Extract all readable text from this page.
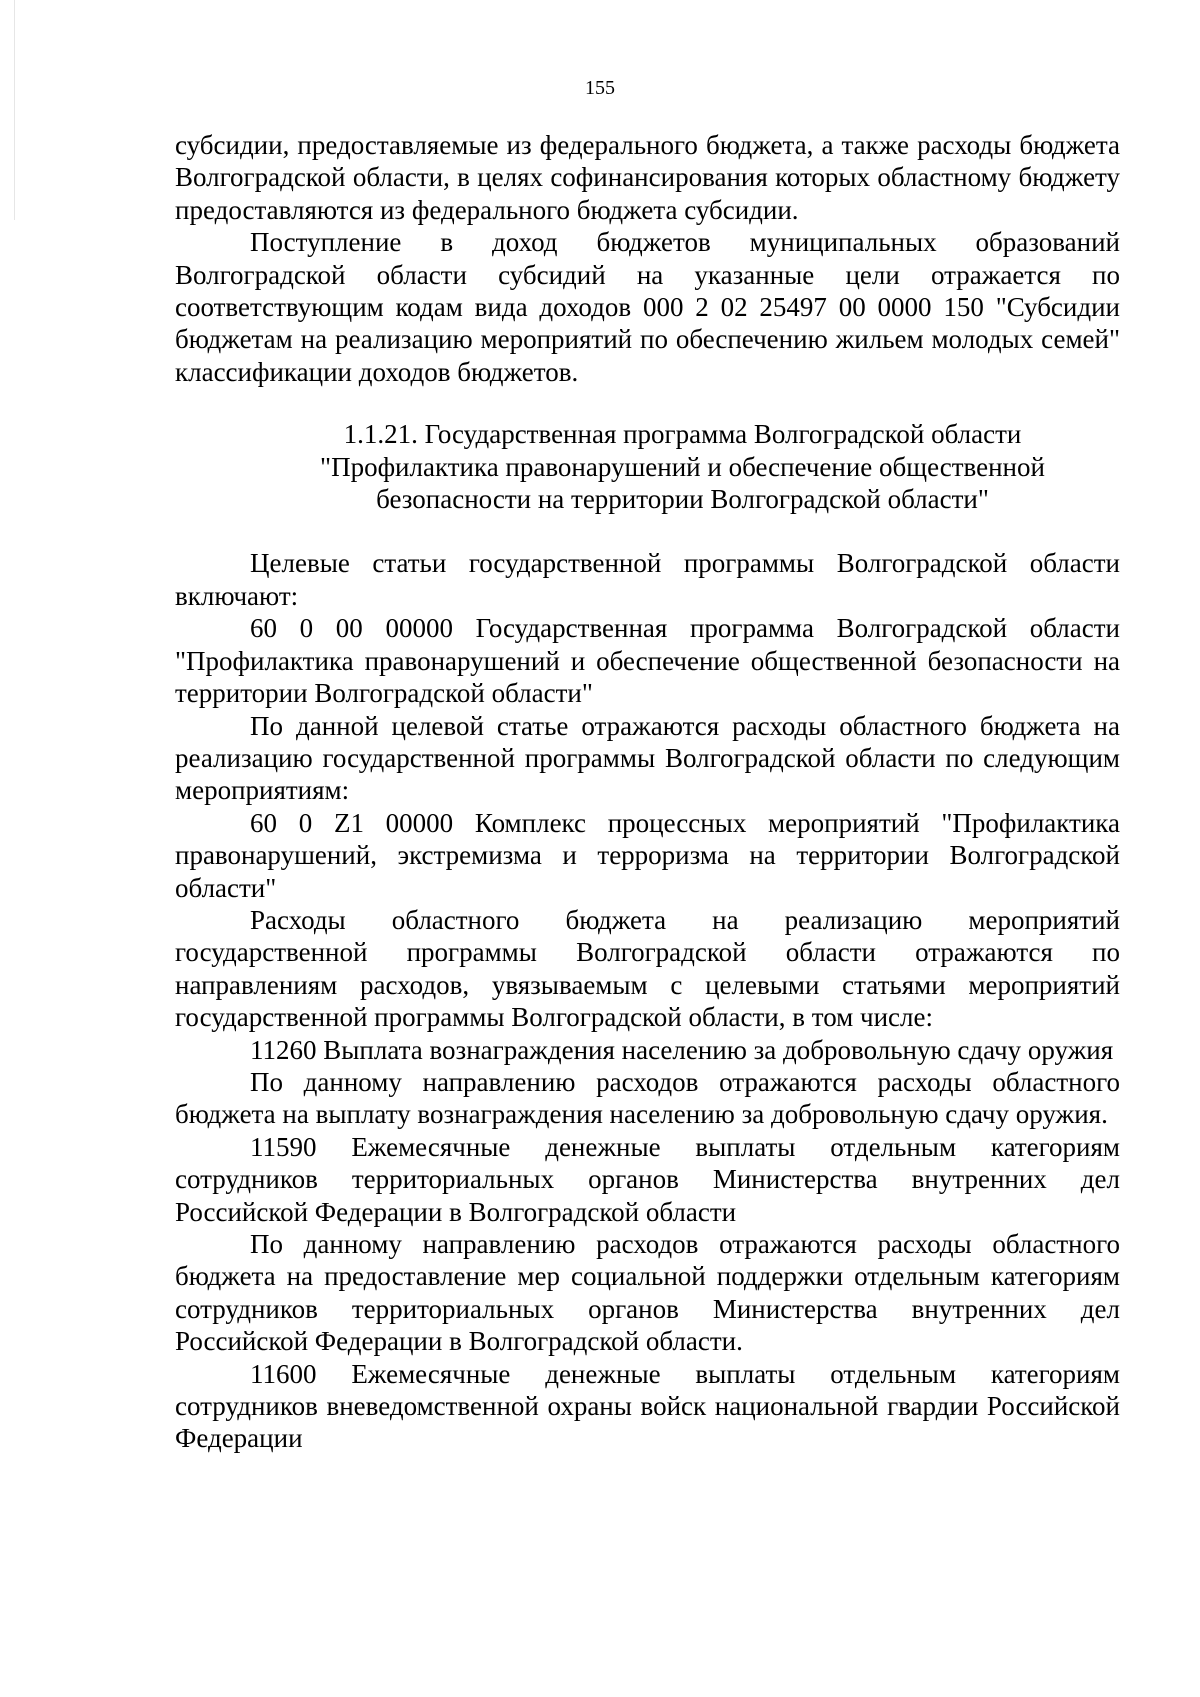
155

субсидии, предоставляемые из федерального бюджета, а также расходы бюджета Волгоградской области, в целях софинансирования которых областному бюджету предоставляются из федерального бюджета субсидии.

Поступление в доход бюджетов муниципальных образований Волгоградской области субсидий на указанные цели отражается по соответствующим кодам вида доходов 000 2 02 25497 00 0000 150 "Субсидии бюджетам на реализацию мероприятий по обеспечению жильем молодых семей" классификации доходов бюджетов.

1.1.21. Государственная программа Волгоградской области
"Профилактика правонарушений и обеспечение общественной
безопасности на территории Волгоградской области"

Целевые статьи государственной программы Волгоградской области включают:

60 0 00 00000 Государственная программа Волгоградской области "Профилактика правонарушений и обеспечение общественной безопасности на территории Волгоградской области"

По данной целевой статье отражаются расходы областного бюджета на реализацию государственной программы Волгоградской области по следующим мероприятиям:

60 0 Z1 00000 Комплекс процессных мероприятий "Профилактика правонарушений, экстремизма и терроризма на территории Волгоградской области"

Расходы областного бюджета на реализацию мероприятий государственной программы Волгоградской области отражаются по направлениям расходов, увязываемым с целевыми статьями мероприятий государственной программы Волгоградской области, в том числе:

11260 Выплата вознаграждения населению за добровольную сдачу оружия

По данному направлению расходов отражаются расходы областного бюджета на выплату вознаграждения населению за добровольную сдачу оружия.

11590 Ежемесячные денежные выплаты отдельным категориям сотрудников территориальных органов Министерства внутренних дел Российской Федерации в Волгоградской области

По данному направлению расходов отражаются расходы областного бюджета на предоставление мер социальной поддержки отдельным категориям сотрудников территориальных органов Министерства внутренних дел Российской Федерации в Волгоградской области.

11600 Ежемесячные денежные выплаты отдельным категориям сотрудников вневедомственной охраны войск национальной гвардии Российской Федерации
